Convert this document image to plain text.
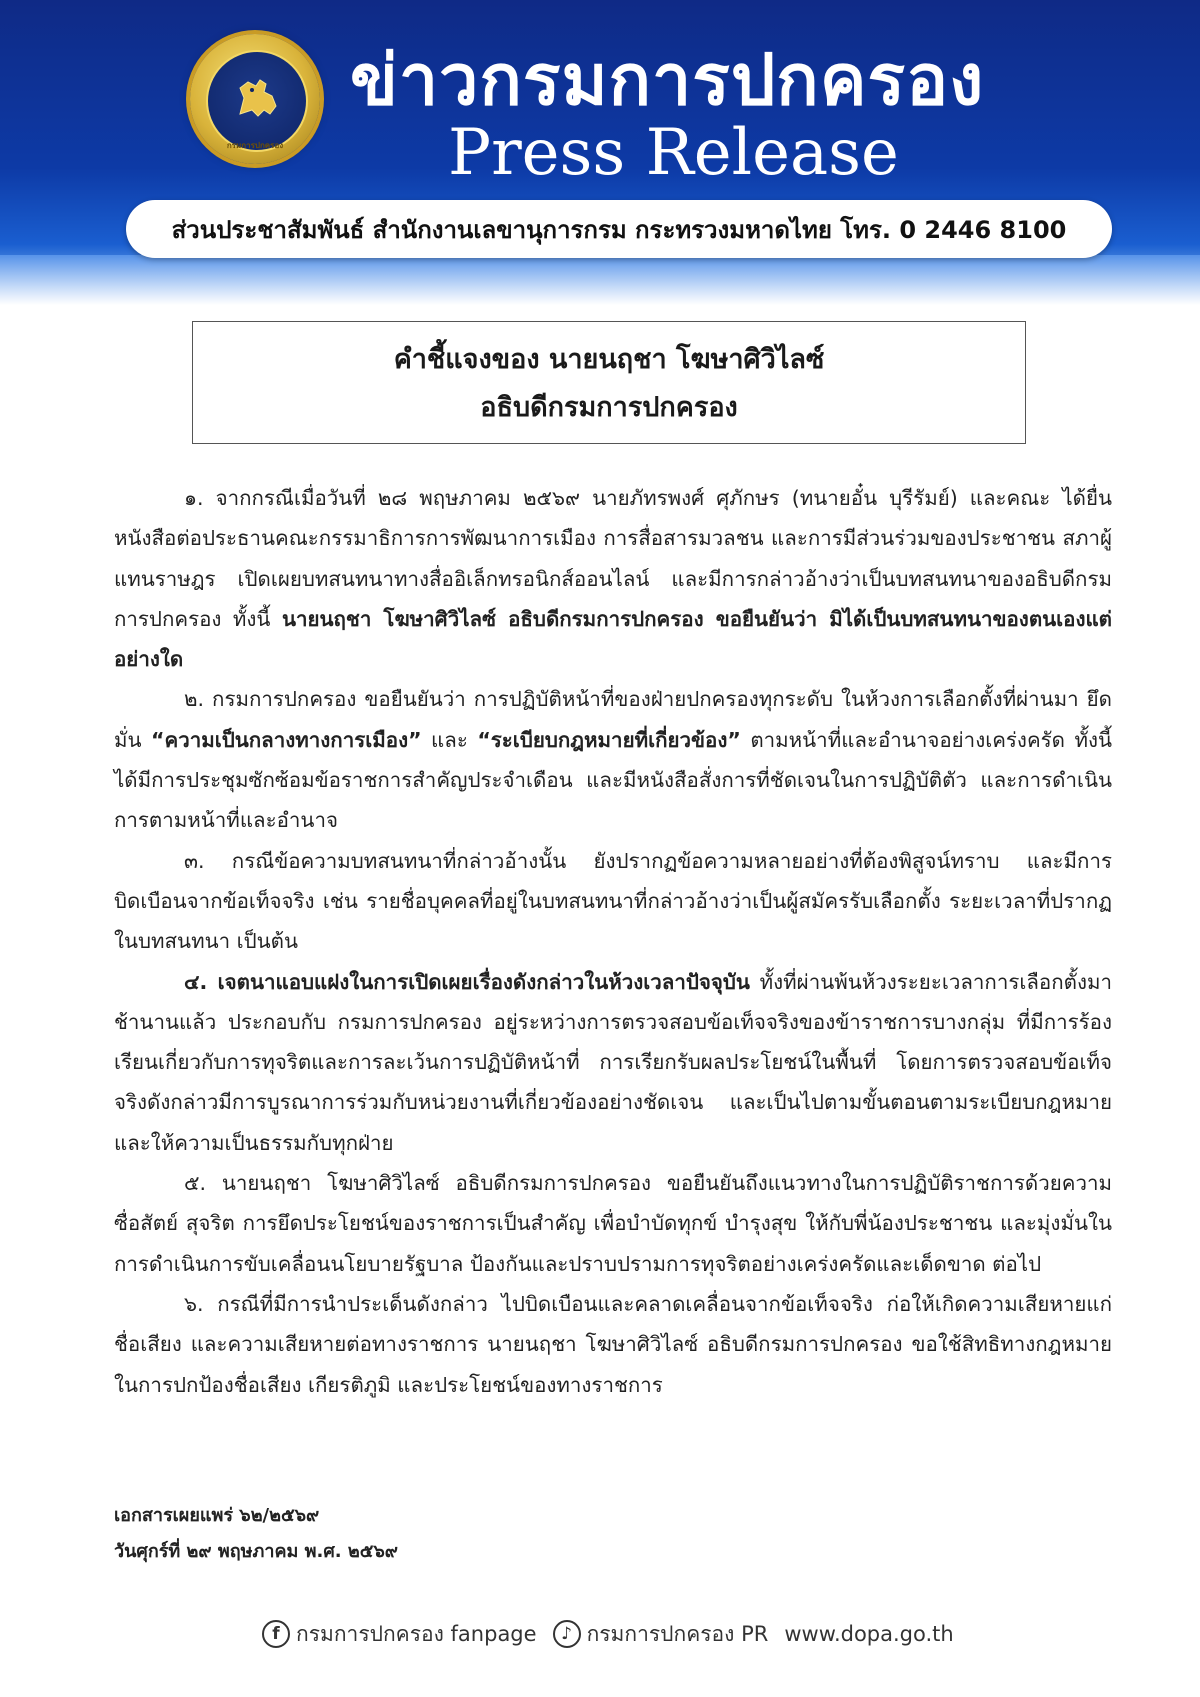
กรมการปกครอง
ข่าวกรมการปกครอง
Press Release
ส่วนประชาสัมพันธ์ สำนักงานเลขานุการกรม กระทรวงมหาดไทย โทร. 0 2446 8100
คำชี้แจงของ นายนฤชา โฆษาศิวิไลซ์
อธิบดีกรมการปกครอง

๑. จากกรณีเมื่อวันที่ ๒๘ พฤษภาคม ๒๕๖๙ นายภัทรพงศ์ ศุภักษร (ทนายอั๋น บุรีรัมย์) และคณะ ได้ยื่นหนังสือต่อประธานคณะกรรมาธิการการพัฒนาการเมือง การสื่อสารมวลชน และการมีส่วนร่วมของประชาชน สภาผู้แทนราษฎร เปิดเผยบทสนทนาทางสื่ออิเล็กทรอนิกส์ออนไลน์ และมีการกล่าวอ้างว่าเป็นบทสนทนาของอธิบดีกรมการปกครอง ทั้งนี้ นายนฤชา โฆษาศิวิไลซ์ อธิบดีกรมการปกครอง ขอยืนยันว่า มิได้เป็นบทสนทนาของตนเองแต่อย่างใด

๒. กรมการปกครอง ขอยืนยันว่า การปฏิบัติหน้าที่ของฝ่ายปกครองทุกระดับ ในห้วงการเลือกตั้งที่ผ่านมา ยึดมั่น “ความเป็นกลางทางการเมือง” และ “ระเบียบกฎหมายที่เกี่ยวข้อง” ตามหน้าที่และอำนาจอย่างเคร่งครัด ทั้งนี้ ได้มีการประชุมซักซ้อมข้อราชการสำคัญประจำเดือน และมีหนังสือสั่งการที่ชัดเจนในการปฏิบัติตัว และการดำเนินการตามหน้าที่และอำนาจ

๓. กรณีข้อความบทสนทนาที่กล่าวอ้างนั้น ยังปรากฏข้อความหลายอย่างที่ต้องพิสูจน์ทราบ และมีการบิดเบือนจากข้อเท็จจริง เช่น รายชื่อบุคคลที่อยู่ในบทสนทนาที่กล่าวอ้างว่าเป็นผู้สมัครรับเลือกตั้ง ระยะเวลาที่ปรากฏในบทสนทนา เป็นต้น

๔. เจตนาแอบแฝงในการเปิดเผยเรื่องดังกล่าวในห้วงเวลาปัจจุบัน ทั้งที่ผ่านพ้นห้วงระยะเวลาการเลือกตั้งมาช้านานแล้ว ประกอบกับ กรมการปกครอง อยู่ระหว่างการตรวจสอบข้อเท็จจริงของข้าราชการบางกลุ่ม ที่มีการร้องเรียนเกี่ยวกับการทุจริตและการละเว้นการปฏิบัติหน้าที่ การเรียกรับผลประโยชน์ในพื้นที่ โดยการตรวจสอบข้อเท็จจริงดังกล่าวมีการบูรณาการร่วมกับหน่วยงานที่เกี่ยวข้องอย่างชัดเจน และเป็นไปตามขั้นตอนตามระเบียบกฎหมาย และให้ความเป็นธรรมกับทุกฝ่าย

๕. นายนฤชา โฆษาศิวิไลซ์ อธิบดีกรมการปกครอง ขอยืนยันถึงแนวทางในการปฏิบัติราชการด้วยความซื่อสัตย์ สุจริต การยึดประโยชน์ของราชการเป็นสำคัญ เพื่อบำบัดทุกข์ บำรุงสุข ให้กับพี่น้องประชาชน และมุ่งมั่นในการดำเนินการขับเคลื่อนนโยบายรัฐบาล ป้องกันและปราบปรามการทุจริตอย่างเคร่งครัดและเด็ดขาด ต่อไป

๖. กรณีที่มีการนำประเด็นดังกล่าว ไปบิดเบือนและคลาดเคลื่อนจากข้อเท็จจริง ก่อให้เกิดความเสียหายแก่ชื่อเสียง และความเสียหายต่อทางราชการ นายนฤชา โฆษาศิวิไลซ์ อธิบดีกรมการปกครอง ขอใช้สิทธิทางกฎหมายในการปกป้องชื่อเสียง เกียรติภูมิ และประโยชน์ของทางราชการ

เอกสารเผยแพร่ ๖๒/๒๕๖๙
วันศุกร์ที่ ๒๙ พฤษภาคม พ.ศ. ๒๕๖๙
f กรมการปกครอง fanpage	♪ กรมการปกครอง PR www.dopa.go.th
